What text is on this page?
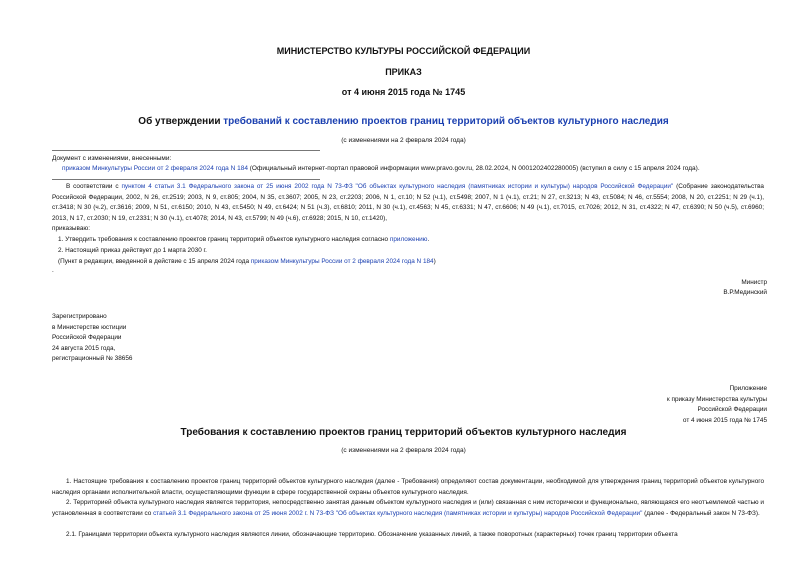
МИНИСТЕРСТВО КУЛЬТУРЫ РОССИЙСКОЙ ФЕДЕРАЦИИ
ПРИКАЗ
от 4 июня 2015 года № 1745
Об утверждении требований к составлению проектов границ территорий объектов культурного наследия
(с изменениями на 2 февраля 2024 года)
Документ с изменениями, внесенными:
приказом Минкультуры России от 2 февраля 2024 года N 184 (Официальный интернет-портал правовой информации www.pravo.gov.ru, 28.02.2024, N 0001202402280005) (вступил в силу с 15 апреля 2024 года).
В соответствии с пунктом 4 статьи 3.1 Федерального закона от 25 июня 2002 года N 73-ФЗ "Об объектах культурного наследия (памятниках истории и культуры) народов Российской Федерации" (Собрание законодательства Российской Федерации, 2002, N 26, ст.2519; 2003, N 9, ст.805; 2004, N 35, ст.3607; 2005, N 23, ст.2203; 2006, N 1, ст.10; N 52 (ч.1), ст.5498; 2007, N 1 (ч.1), ст.21; N 27, ст.3213; N 43, ст.5084; N 46, ст.5554; 2008, N 20, ст.2251; N 29 (ч.1), ст.3418; N 30 (ч.2), ст.3616; 2009, N 51, ст.6150; 2010, N 43, ст.5450; N 49, ст.6424; N 51 (ч.3), ст.6810; 2011, N 30 (ч.1), ст.4563; N 45, ст.6331; N 47, ст.6606; N 49 (ч.1), ст.7015, ст.7026; 2012, N 31, ст.4322; N 47, ст.6390; N 50 (ч.5), ст.6960; 2013, N 17, ст.2030; N 19, ст.2331; N 30 (ч.1), ст.4078; 2014, N 43, ст.5799; N 49 (ч.6), ст.6928; 2015, N 10, ст.1420),
приказываю:
1. Утвердить требования к составлению проектов границ территорий объектов культурного наследия согласно приложению.
2. Настоящий приказ действует до 1 марта 2030 г.
(Пункт в редакции, введенной в действие с 15 апреля 2024 года приказом Минкультуры России от 2 февраля 2024 года N 184)
.
Министр
В.Р.Мединский
Зарегистрировано
в Министерстве юстиции
Российской Федерации
24 августа 2015 года,
регистрационный № 38656
Приложение
к приказу Министерства культуры
Российской Федерации
от 4 июня 2015 года № 1745
Требования к составлению проектов границ территорий объектов культурного наследия
(с изменениями на 2 февраля 2024 года)
1. Настоящие требования к составлению проектов границ территорий объектов культурного наследия (далее - Требования) определяют состав документации, необходимой для утверждения границ территорий объектов культурного наследия органами исполнительной власти, осуществляющими функции в сфере государственной охраны объектов культурного наследия.
2. Территорией объекта культурного наследия является территория, непосредственно занятая данным объектом культурного наследия и (или) связанная с ним исторически и функционально, являющаяся его неотъемлемой частью и установленная в соответствии со статьей 3.1 Федерального закона от 25 июня 2002 г. N 73-ФЗ "Об объектах культурного наследия (памятниках истории и культуры) народов Российской Федерации" (далее - Федеральный закон N 73-ФЗ).
2.1. Границами территории объекта культурного наследия являются линии, обозначающие территорию. Обозначение указанных линий, а также поворотных (характерных) точек границ территории объекта
